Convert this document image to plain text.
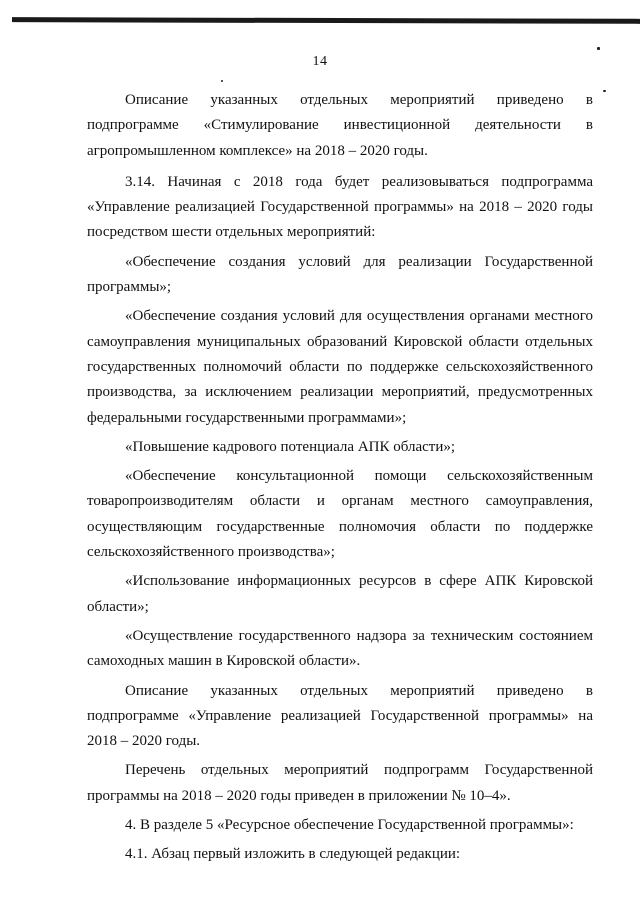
14

Описание указанных отдельных мероприятий приведено в подпрограмме «Стимулирование инвестиционной деятельности в агропромышленном комплексе» на 2018 – 2020 годы.

3.14. Начиная с 2018 года будет реализовываться подпрограмма «Управление реализацией Государственной программы» на 2018 – 2020 годы посредством шести отдельных мероприятий:

«Обеспечение создания условий для реализации Государственной программы»;

«Обеспечение создания условий для осуществления органами местного самоуправления муниципальных образований Кировской области отдельных государственных полномочий области по поддержке сельскохозяйственного производства, за исключением реализации мероприятий, предусмотренных федеральными государственными программами»;

«Повышение кадрового потенциала АПК области»;

«Обеспечение консультационной помощи сельскохозяйственным товаропроизводителям области и органам местного самоуправления, осуществляющим государственные полномочия области по поддержке сельскохозяйственного производства»;

«Использование информационных ресурсов в сфере АПК Кировской области»;

«Осуществление государственного надзора за техническим состоянием самоходных машин в Кировской области».

Описание указанных отдельных мероприятий приведено в подпрограмме «Управление реализацией Государственной программы» на 2018 – 2020 годы.

Перечень отдельных мероприятий подпрограмм Государственной программы на 2018 – 2020 годы приведен в приложении № 10–4».

4. В разделе 5 «Ресурсное обеспечение Государственной программы»:

4.1. Абзац первый изложить в следующей редакции:
